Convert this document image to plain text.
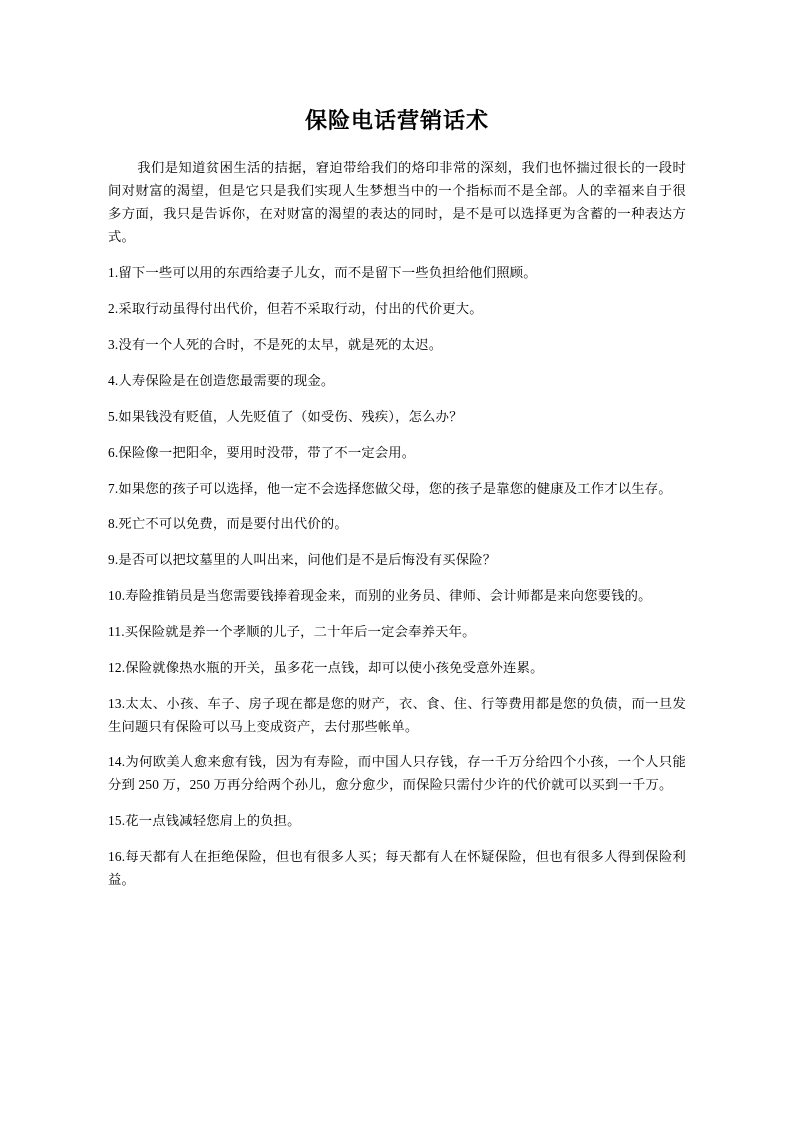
保险电话营销话术

我们是知道贫困生活的拮据，窘迫带给我们的烙印非常的深刻，我们也怀揣过很长的一段时间对财富的渴望，但是它只是我们实现人生梦想当中的一个指标而不是全部。人的幸福来自于很多方面，我只是告诉你，在对财富的渴望的表达的同时，是不是可以选择更为含蓄的一种表达方式。

1.留下一些可以用的东西给妻子儿女，而不是留下一些负担给他们照顾。

2.采取行动虽得付出代价，但若不采取行动，付出的代价更大。

3.没有一个人死的合时，不是死的太早，就是死的太迟。

4.人寿保险是在创造您最需要的现金。

5.如果钱没有贬值，人先贬值了（如受伤、残疾），怎么办？

6.保险像一把阳伞，要用时没带，带了不一定会用。

7.如果您的孩子可以选择，他一定不会选择您做父母，您的孩子是靠您的健康及工作才以生存。

8.死亡不可以免费，而是要付出代价的。

9.是否可以把坟墓里的人叫出来，问他们是不是后悔没有买保险？

10.寿险推销员是当您需要钱捧着现金来，而别的业务员、律师、会计师都是来向您要钱的。

11.买保险就是养一个孝顺的儿子，二十年后一定会奉养天年。

12.保险就像热水瓶的开关，虽多花一点钱，却可以使小孩免受意外连累。

13.太太、小孩、车子、房子现在都是您的财产，衣、食、住、行等费用都是您的负债，而一旦发生问题只有保险可以马上变成资产，去付那些帐单。

14.为何欧美人愈来愈有钱，因为有寿险，而中国人只存钱，存一千万分给四个小孩，一个人只能分到 250 万，250 万再分给两个孙儿，愈分愈少，而保险只需付少许的代价就可以买到一千万。

15.花一点钱减轻您肩上的负担。

16.每天都有人在拒绝保险，但也有很多人买；每天都有人在怀疑保险，但也有很多人得到保险利益。
